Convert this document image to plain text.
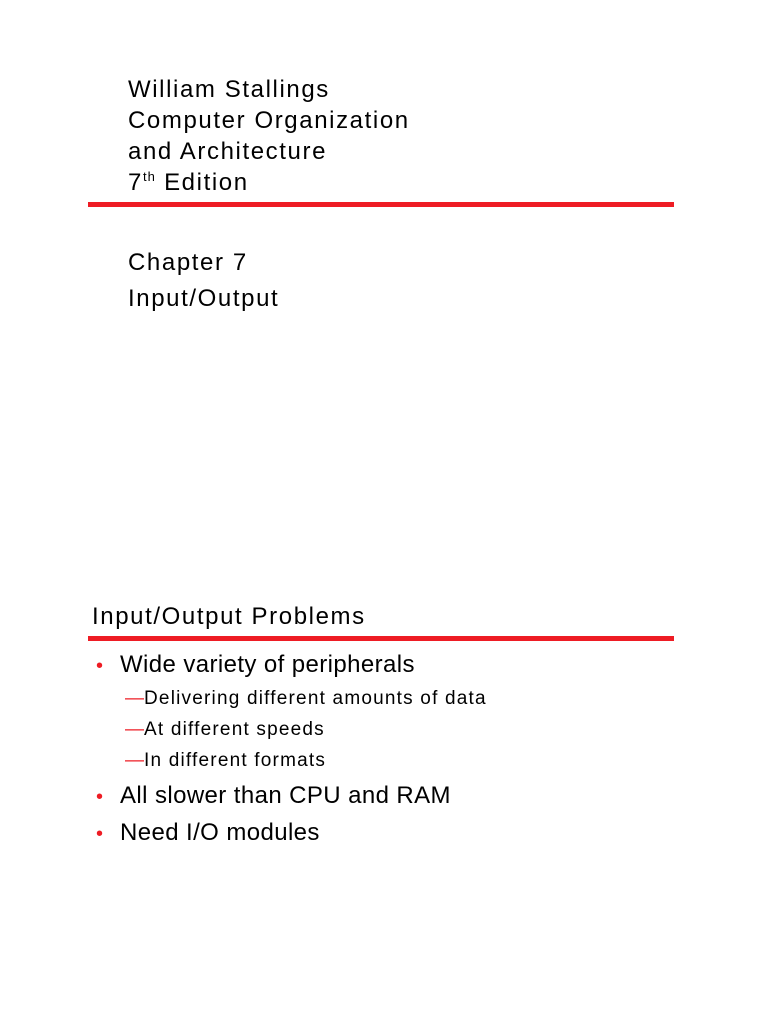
William Stallings
Computer Organization
and Architecture
7th Edition
Chapter 7
Input/Output
Input/Output Problems
• Wide variety of peripherals
—Delivering different amounts of data
—At different speeds
—In different formats
• All slower than CPU and RAM
• Need I/O modules
